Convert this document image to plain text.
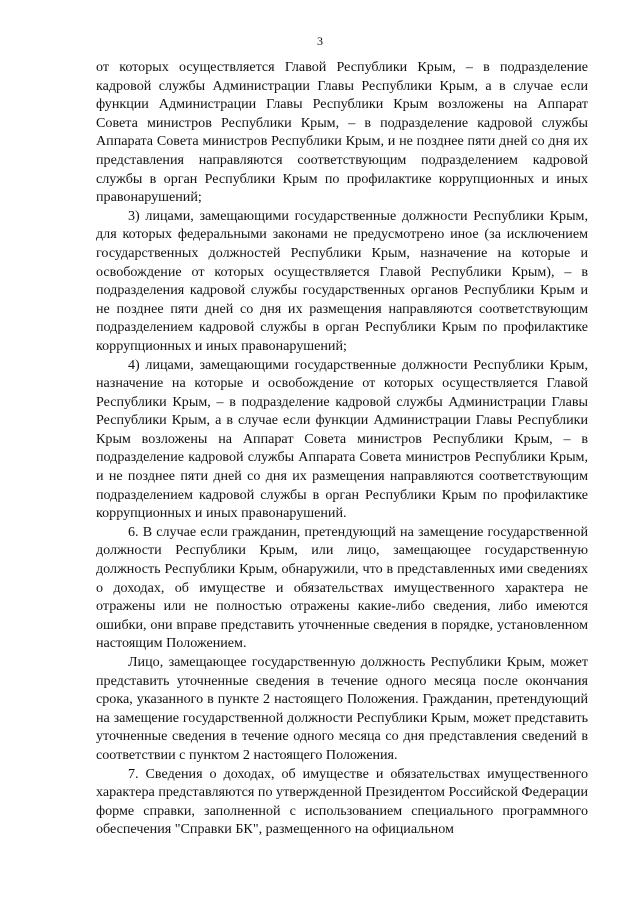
3

от которых осуществляется Главой Республики Крым, – в подразделение кадровой службы Администрации Главы Республики Крым, а в случае если функции Администрации Главы Республики Крым возложены на Аппарат Совета министров Республики Крым, – в подразделение кадровой службы Аппарата Совета министров Республики Крым, и не позднее пяти дней со дня их представления направляются соответствующим подразделением кадровой службы в орган Республики Крым по профилактике коррупционных и иных правонарушений;

3) лицами, замещающими государственные должности Республики Крым, для которых федеральными законами не предусмотрено иное (за исключением государственных должностей Республики Крым, назначение на которые и освобождение от которых осуществляется Главой Республики Крым), – в подразделения кадровой службы государственных органов Республики Крым и не позднее пяти дней со дня их размещения направляются соответствующим подразделением кадровой службы в орган Республики Крым по профилактике коррупционных и иных правонарушений;

4) лицами, замещающими государственные должности Республики Крым, назначение на которые и освобождение от которых осуществляется Главой Республики Крым, – в подразделение кадровой службы Администрации Главы Республики Крым, а в случае если функции Администрации Главы Республики Крым возложены на Аппарат Совета министров Республики Крым, – в подразделение кадровой службы Аппарата Совета министров Республики Крым, и не позднее пяти дней со дня их размещения направляются соответствующим подразделением кадровой службы в орган Республики Крым по профилактике коррупционных и иных правонарушений.

6. В случае если гражданин, претендующий на замещение государственной должности Республики Крым, или лицо, замещающее государственную должность Республики Крым, обнаружили, что в представленных ими сведениях о доходах, об имуществе и обязательствах имущественного характера не отражены или не полностью отражены какие-либо сведения, либо имеются ошибки, они вправе представить уточненные сведения в порядке, установленном настоящим Положением.

Лицо, замещающее государственную должность Республики Крым, может представить уточненные сведения в течение одного месяца после окончания срока, указанного в пункте 2 настоящего Положения. Гражданин, претендующий на замещение государственной должности Республики Крым, может представить уточненные сведения в течение одного месяца со дня представления сведений в соответствии с пунктом 2 настоящего Положения.

7. Сведения о доходах, об имуществе и обязательствах имущественного характера представляются по утвержденной Президентом Российской Федерации форме справки, заполненной с использованием специального программного обеспечения "Справки БК", размещенного на официальном
